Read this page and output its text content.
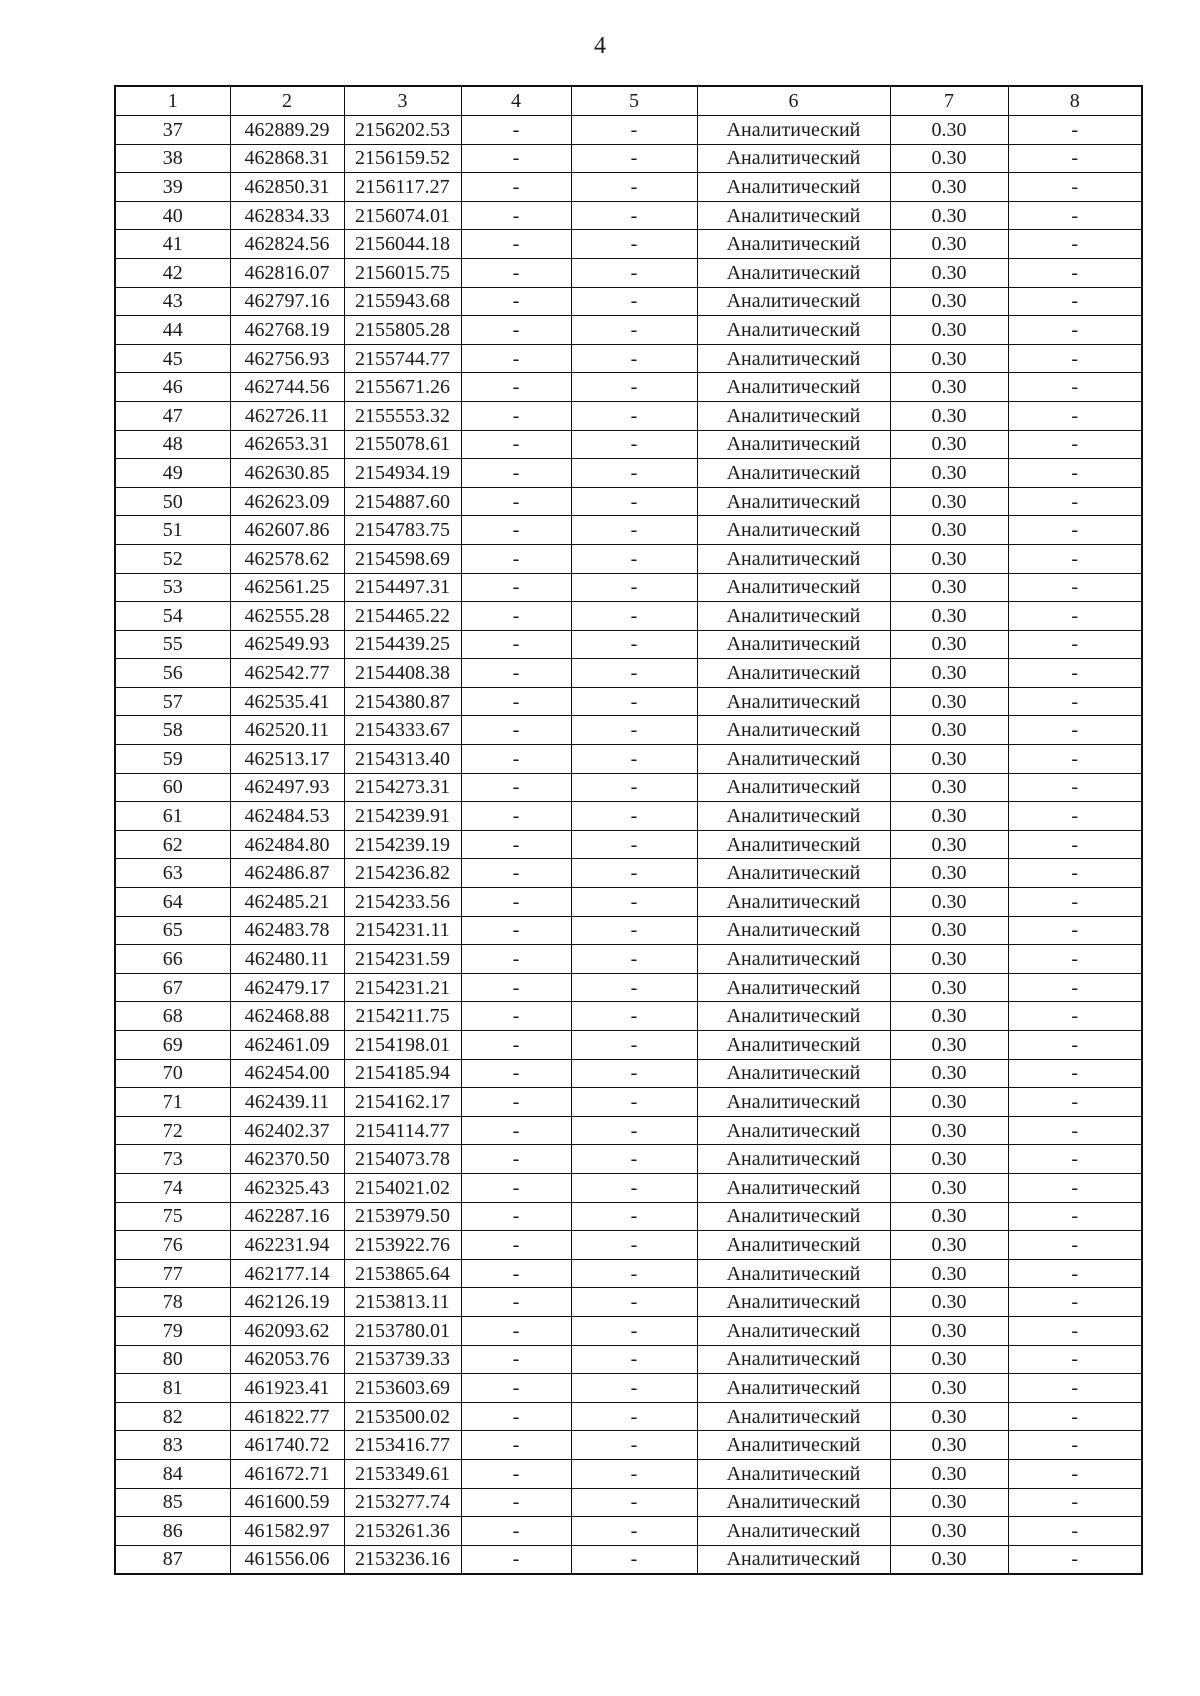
4
1	2	3	4	5	6	7	8
37	462889.29	2156202.53	-	-	Аналитический	0.30	-
38	462868.31	2156159.52	-	-	Аналитический	0.30	-
39	462850.31	2156117.27	-	-	Аналитический	0.30	-
40	462834.33	2156074.01	-	-	Аналитический	0.30	-
41	462824.56	2156044.18	-	-	Аналитический	0.30	-
42	462816.07	2156015.75	-	-	Аналитический	0.30	-
43	462797.16	2155943.68	-	-	Аналитический	0.30	-
44	462768.19	2155805.28	-	-	Аналитический	0.30	-
45	462756.93	2155744.77	-	-	Аналитический	0.30	-
46	462744.56	2155671.26	-	-	Аналитический	0.30	-
47	462726.11	2155553.32	-	-	Аналитический	0.30	-
48	462653.31	2155078.61	-	-	Аналитический	0.30	-
49	462630.85	2154934.19	-	-	Аналитический	0.30	-
50	462623.09	2154887.60	-	-	Аналитический	0.30	-
51	462607.86	2154783.75	-	-	Аналитический	0.30	-
52	462578.62	2154598.69	-	-	Аналитический	0.30	-
53	462561.25	2154497.31	-	-	Аналитический	0.30	-
54	462555.28	2154465.22	-	-	Аналитический	0.30	-
55	462549.93	2154439.25	-	-	Аналитический	0.30	-
56	462542.77	2154408.38	-	-	Аналитический	0.30	-
57	462535.41	2154380.87	-	-	Аналитический	0.30	-
58	462520.11	2154333.67	-	-	Аналитический	0.30	-
59	462513.17	2154313.40	-	-	Аналитический	0.30	-
60	462497.93	2154273.31	-	-	Аналитический	0.30	-
61	462484.53	2154239.91	-	-	Аналитический	0.30	-
62	462484.80	2154239.19	-	-	Аналитический	0.30	-
63	462486.87	2154236.82	-	-	Аналитический	0.30	-
64	462485.21	2154233.56	-	-	Аналитический	0.30	-
65	462483.78	2154231.11	-	-	Аналитический	0.30	-
66	462480.11	2154231.59	-	-	Аналитический	0.30	-
67	462479.17	2154231.21	-	-	Аналитический	0.30	-
68	462468.88	2154211.75	-	-	Аналитический	0.30	-
69	462461.09	2154198.01	-	-	Аналитический	0.30	-
70	462454.00	2154185.94	-	-	Аналитический	0.30	-
71	462439.11	2154162.17	-	-	Аналитический	0.30	-
72	462402.37	2154114.77	-	-	Аналитический	0.30	-
73	462370.50	2154073.78	-	-	Аналитический	0.30	-
74	462325.43	2154021.02	-	-	Аналитический	0.30	-
75	462287.16	2153979.50	-	-	Аналитический	0.30	-
76	462231.94	2153922.76	-	-	Аналитический	0.30	-
77	462177.14	2153865.64	-	-	Аналитический	0.30	-
78	462126.19	2153813.11	-	-	Аналитический	0.30	-
79	462093.62	2153780.01	-	-	Аналитический	0.30	-
80	462053.76	2153739.33	-	-	Аналитический	0.30	-
81	461923.41	2153603.69	-	-	Аналитический	0.30	-
82	461822.77	2153500.02	-	-	Аналитический	0.30	-
83	461740.72	2153416.77	-	-	Аналитический	0.30	-
84	461672.71	2153349.61	-	-	Аналитический	0.30	-
85	461600.59	2153277.74	-	-	Аналитический	0.30	-
86	461582.97	2153261.36	-	-	Аналитический	0.30	-
87	461556.06	2153236.16	-	-	Аналитический	0.30	-
